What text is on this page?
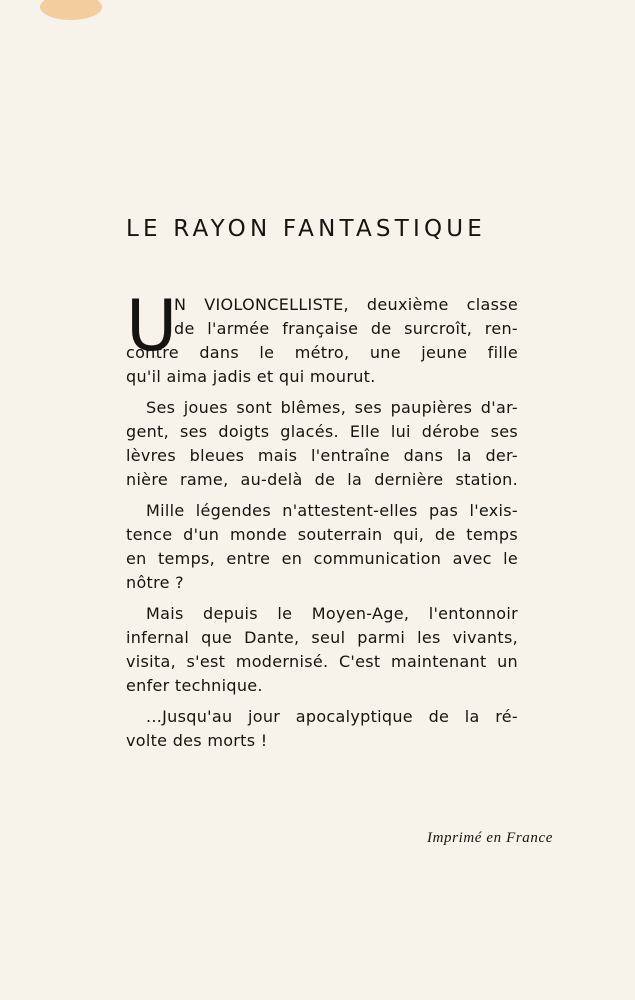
LE RAYON FANTASTIQUE
U
N VIOLONCELLISTE, deuxième classe
de l'armée française de surcroît, ren-
contre dans le métro, une jeune fille
qu'il aima jadis et qui mourut.
Ses joues sont blêmes, ses paupières d'ar-
gent, ses doigts glacés. Elle lui dérobe ses
lèvres bleues mais l'entraîne dans la der-
nière rame, au-delà de la dernière station.
Mille légendes n'attestent-elles pas l'exis-
tence d'un monde souterrain qui, de temps
en temps, entre en communication avec le
nôtre ?
Mais depuis le Moyen-Age, l'entonnoir
infernal que Dante, seul parmi les vivants,
visita, s'est modernisé. C'est maintenant un
enfer technique.
...Jusqu'au jour apocalyptique de la ré-
volte des morts !
Imprimé en France
